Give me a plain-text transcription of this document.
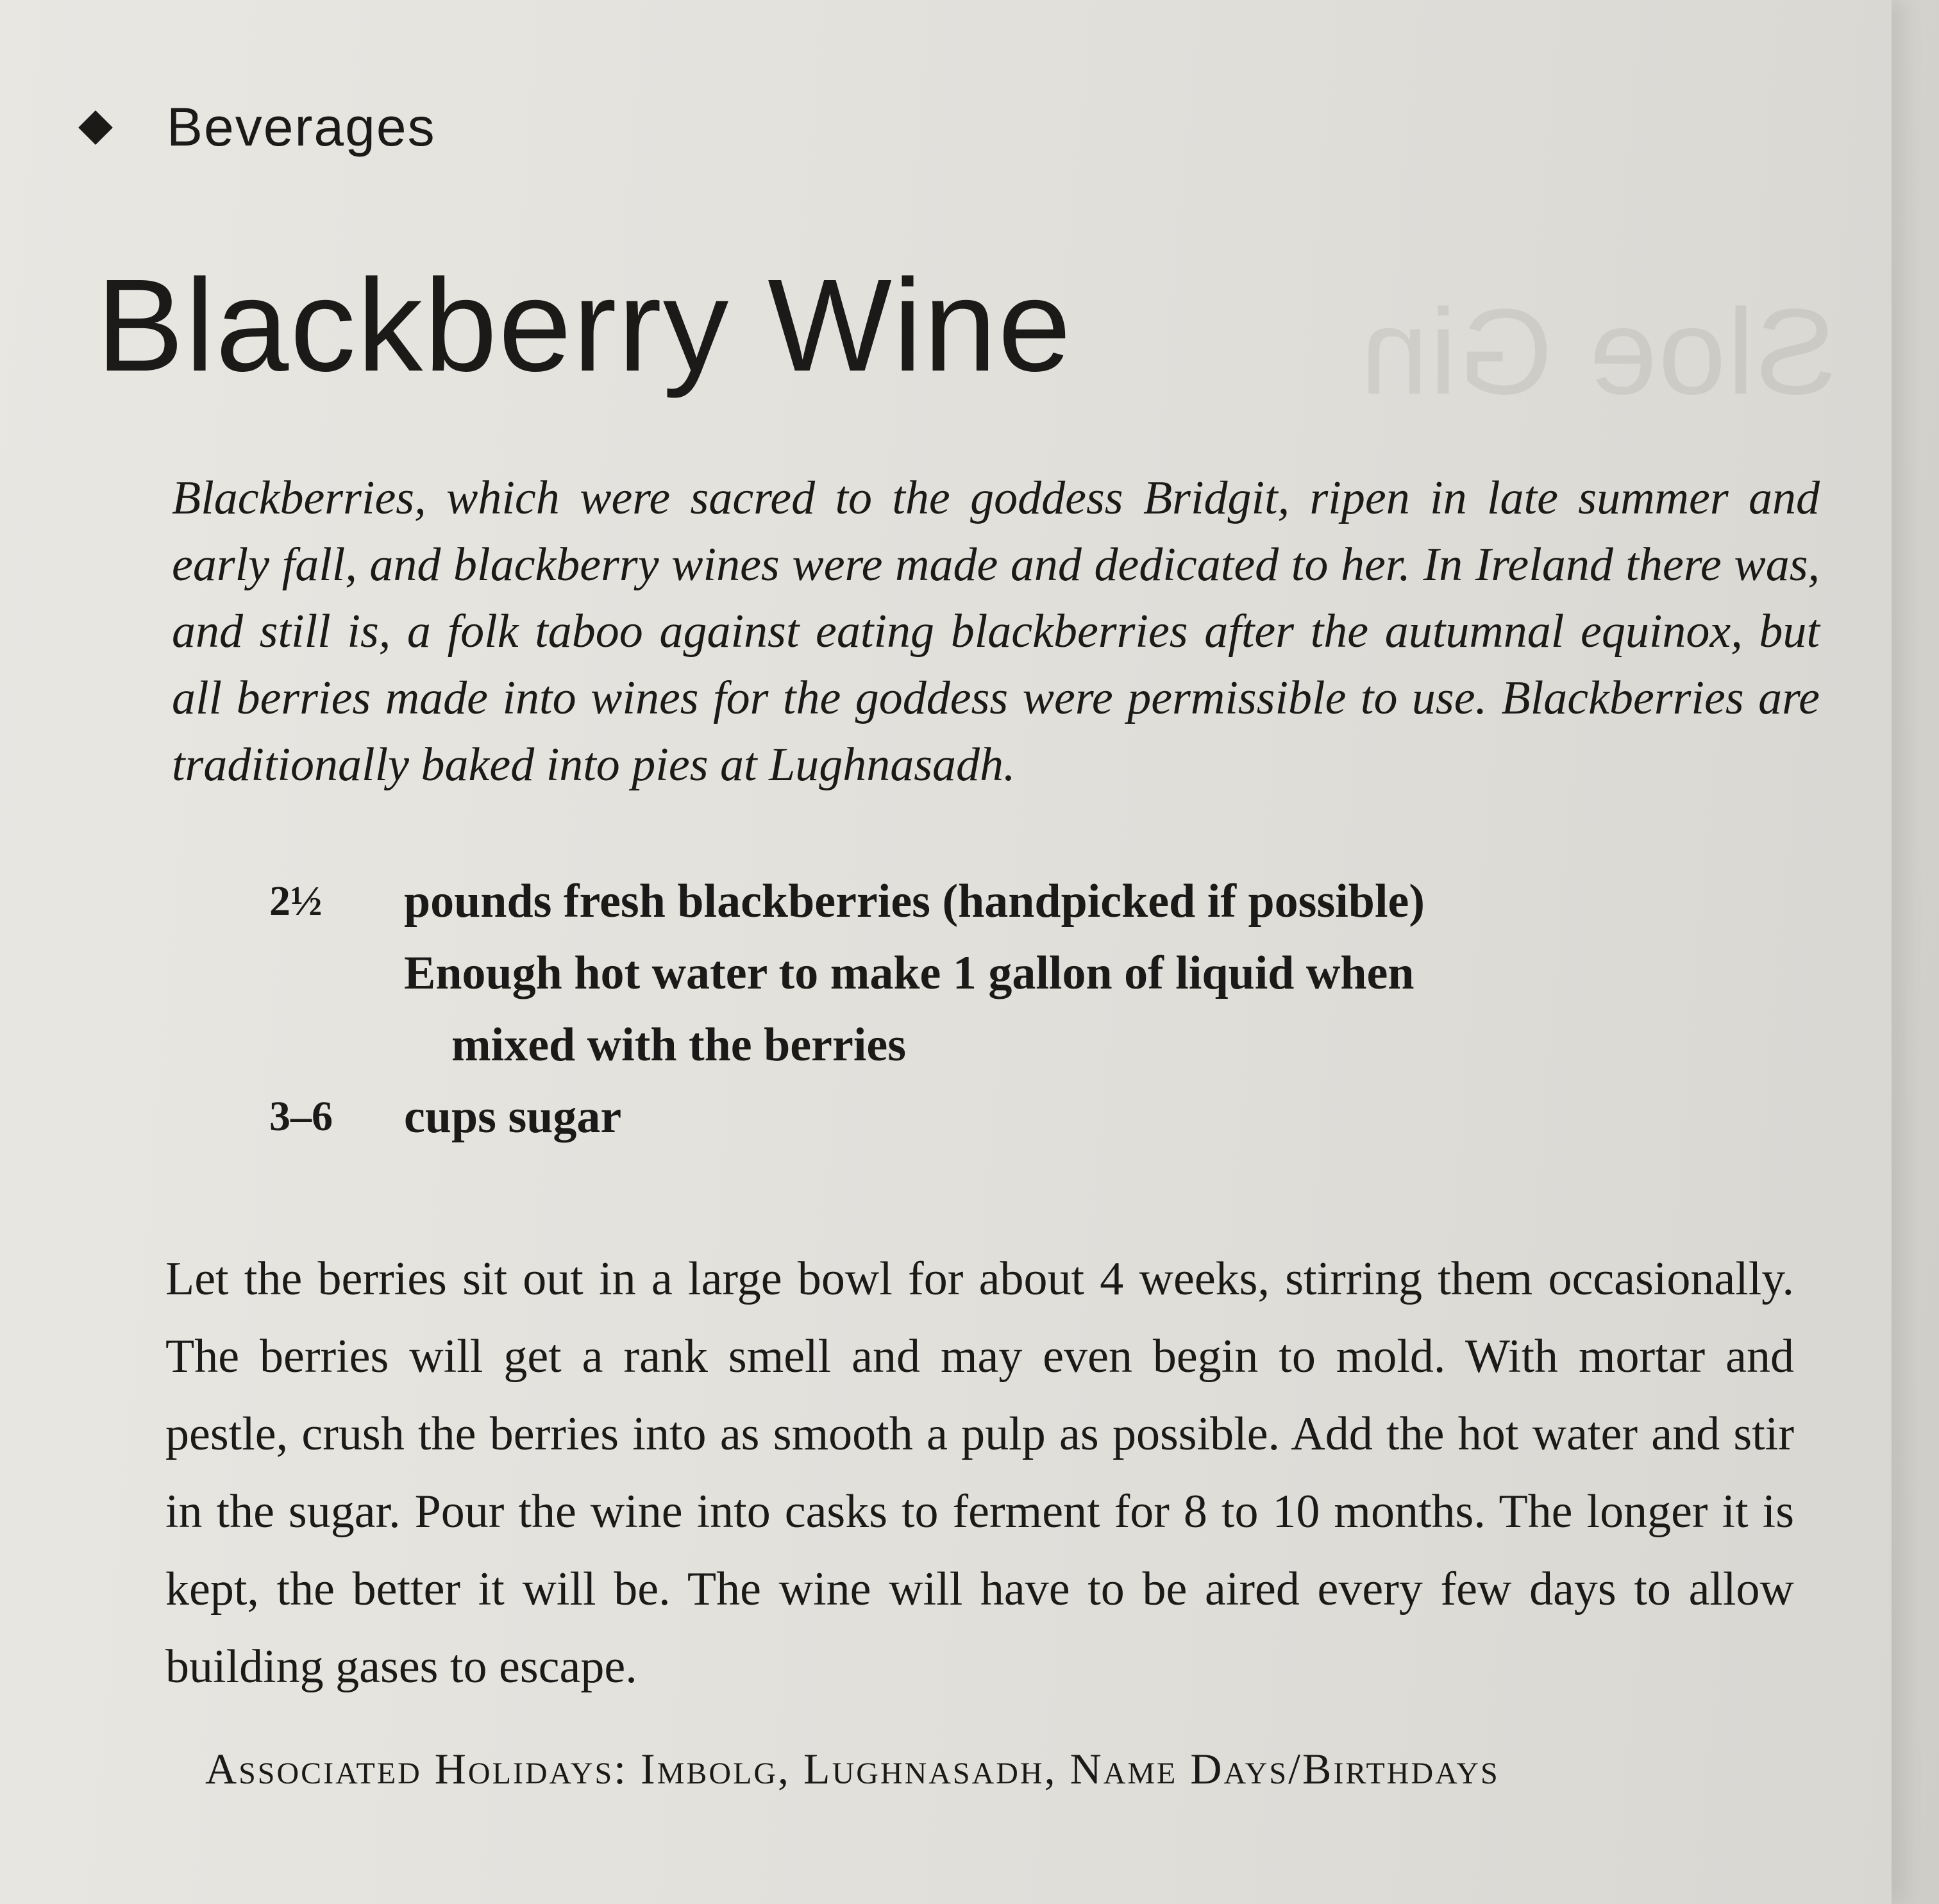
Sloe Gin
Beverages
Blackberry Wine

Blackberries, which were sacred to the goddess Bridgit, ripen in late summer and early fall, and blackberry wines were made and dedicated to her. In Ireland there was, and still is, a folk taboo against eating blackberries after the autumnal equinox, but all berries made into wines for the goddess were permissible to use. Blackberries are traditionally baked into pies at Lughnasadh.

2½	pounds fresh blackberries (handpicked if possible)
Enough hot water to make 1 gallon of liquid when
mixed with the berries
3–6	cups sugar

Let the berries sit out in a large bowl for about 4 weeks, stirring them occasionally. The berries will get a rank smell and may even begin to mold. With mortar and pestle, crush the berries into as smooth a pulp as possible. Add the hot water and stir in the sugar. Pour the wine into casks to ferment for 8 to 10 months. The longer it is kept, the better it will be. The wine will have to be aired every few days to allow building gases to escape.

Associated Holidays: Imbolg, Lughnasadh, Name Days/Birthdays
